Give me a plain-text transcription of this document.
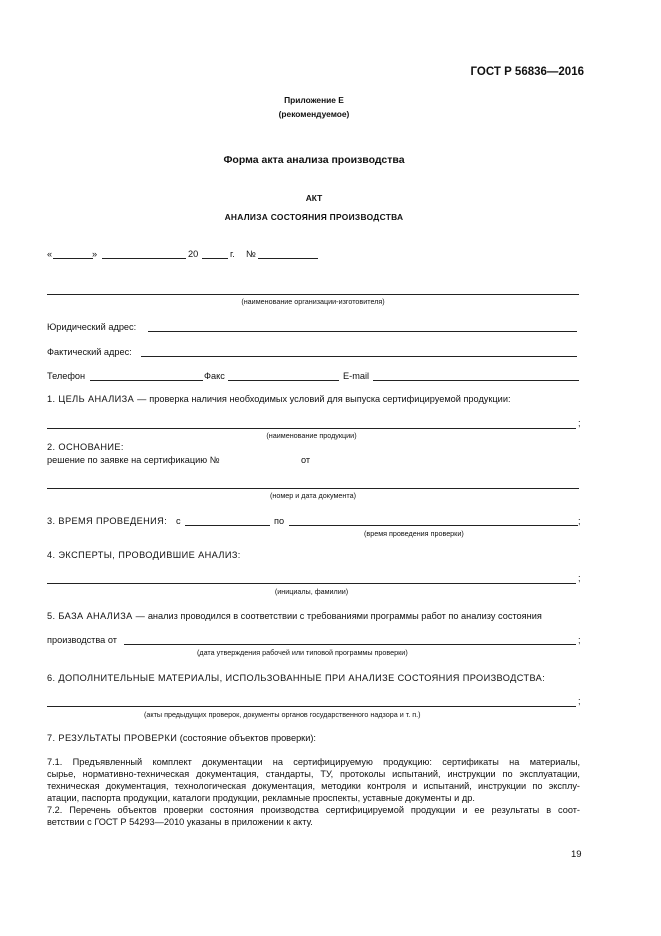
ГОСТ Р 56836—2016
Приложение Е
(рекомендуемое)
Форма акта анализа производства
АКТ
АНАЛИЗА СОСТОЯНИЯ ПРОИЗВОДСТВА
«	»	20	г. №
(наименование организации-изготовителя)
Юридический адрес:
Фактический адрес:
Телефон	Факс	E-mail
1. ЦЕЛЬ АНАЛИЗА — проверка наличия необходимых условий для выпуска сертифицируемой продукции:
;
(наименование продукции)
2. ОСНОВАНИЕ:
решение по заявке на сертификацию №	от
(номер и дата документа)
3. ВРЕМЯ ПРОВЕДЕНИЯ: с	по	;
(время проведения проверки)
4. ЭКСПЕРТЫ, ПРОВОДИВШИЕ АНАЛИЗ:
;
(инициалы, фамилии)
5. БАЗА АНАЛИЗА — анализ проводился в соответствии с требованиями программы работ по анализу состояния
производства от	;
(дата утверждения рабочей или типовой программы проверки)
6. ДОПОЛНИТЕЛЬНЫЕ МАТЕРИАЛЫ, ИСПОЛЬЗОВАННЫЕ ПРИ АНАЛИЗЕ СОСТОЯНИЯ ПРОИЗВОДСТВА:
;
(акты предыдущих проверок, документы органов государственного надзора и т. п.)
7. РЕЗУЛЬТАТЫ ПРОВЕРКИ (состояние объектов проверки):
7.1. Предъявленный комплект документации на сертифицируемую продукцию: сертификаты на материалы,
сырье, нормативно-техническая документация, стандарты, ТУ, протоколы испытаний, инструкции по эксплуатации,
техническая документация, технологическая документация, методики контроля и испытаний, инструкции по эксплу-
атации, паспорта продукции, каталоги продукции, рекламные проспекты, уставные документы и др.
7.2. Перечень объектов проверки состояния производства сертифицируемой продукции и ее результаты в соот-
ветствии с ГОСТ Р 54293—2010 указаны в приложении к акту.
19
